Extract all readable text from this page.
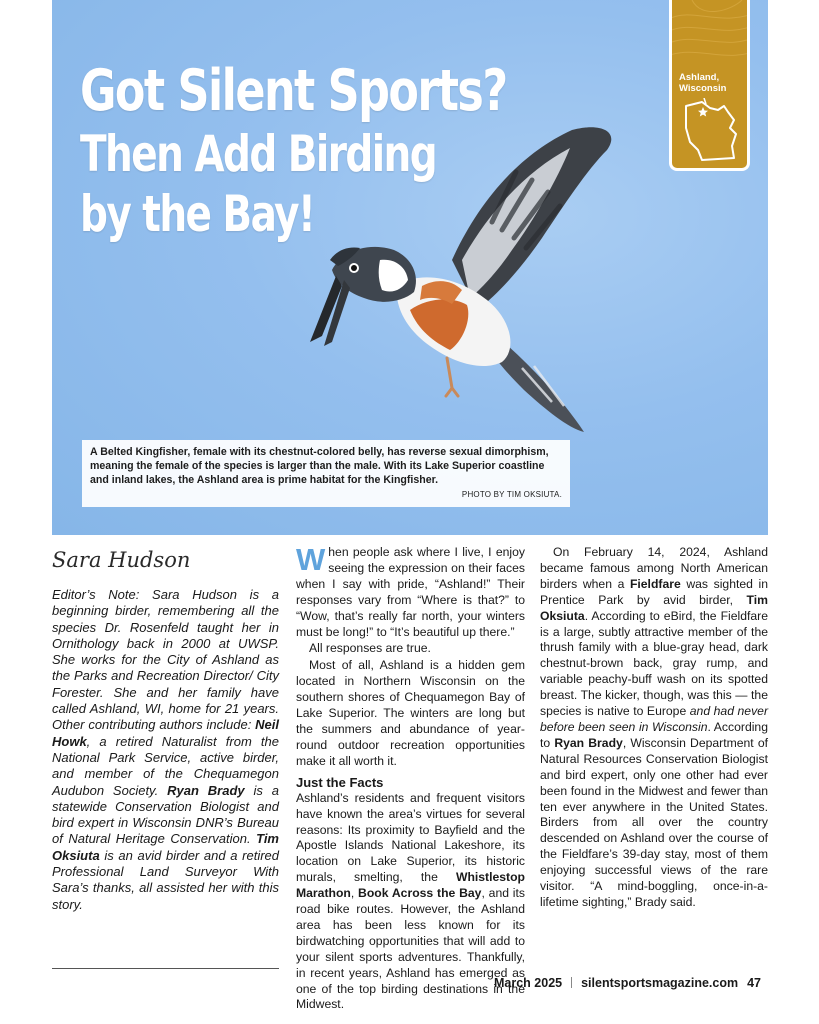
Got Silent Sports?
Then Add Birding
by the Bay!
A Belted Kingfisher, female with its chestnut-colored belly, has reverse sexual dimorphism, meaning the female of the species is larger than the male. With its Lake Superior coastline and inland lakes, the Ashland area is prime habitat for the Kingfisher.
PHOTO BY TIM OKSIUTA.
Ashland,
Wisconsin
Sara Hudson
Editor’s Note: Sara Hudson is a beginning birder, remembering all the species Dr. Rosenfeld taught her in Ornithology back in 2000 at UWSP. She works for the City of Ashland as the Parks and Recreation Director/ City Forester. She and her family have called Ashland, WI, home for 21 years. Other contributing authors include: Neil Howk, a retired Naturalist from the National Park Service, active birder, and member of the Chequamegon Audubon Society. Ryan Brady is a statewide Conservation Biologist and bird expert in Wisconsin DNR’s Bureau of Natural Heritage Conservation. Tim Oksiuta is an avid birder and a retired Professional Land Surveyor With Sara’s thanks, all assisted her with this story.

When people ask where I live, I enjoy seeing the expression on their faces when I say with pride, “Ashland!” Their responses vary from “Where is that?” to “Wow, that’s really far north, your winters must be long!” to “It’s beautiful up there.”

All responses are true.

Most of all, Ashland is a hidden gem located in Northern Wisconsin on the southern shores of Chequamegon Bay of Lake Superior. The winters are long but the summers and abundance of year-round outdoor recreation opportunities make it all worth it.

Just the Facts

Ashland’s residents and frequent visitors have known the area’s virtues for several reasons: Its proximity to Bayfield and the Apostle Islands National Lakeshore, its location on Lake Superior, its historic murals, smelting, the Whistlestop Marathon, Book Across the Bay, and its road bike routes. However, the Ashland area has been less known for its birdwatching opportunities that will add to your silent sports adventures. Thankfully, in recent years, Ashland has emerged as one of the top birding destinations in the Midwest.

On February 14, 2024, Ashland became famous among North American birders when a Fieldfare was sighted in Prentice Park by avid birder, Tim Oksiuta. According to eBird, the Fieldfare is a large, subtly attractive member of the thrush family with a blue-gray head, dark chestnut-brown back, gray rump, and variable peachy-buff wash on its spotted breast. The kicker, though, was this — the species is native to Europe and had never before been seen in Wisconsin. According to Ryan Brady, Wisconsin Department of Natural Resources Conservation Biologist and bird expert, only one other had ever been found in the Midwest and fewer than ten ever anywhere in the United States. Birders from all over the country descended on Ashland over the course of the Fieldfare’s 39-day stay, most of them enjoying successful views of the rare visitor. “A mind-boggling, once-in-a-lifetime sighting,” Brady said.

March 2025 silentsportsmagazine.com 47
